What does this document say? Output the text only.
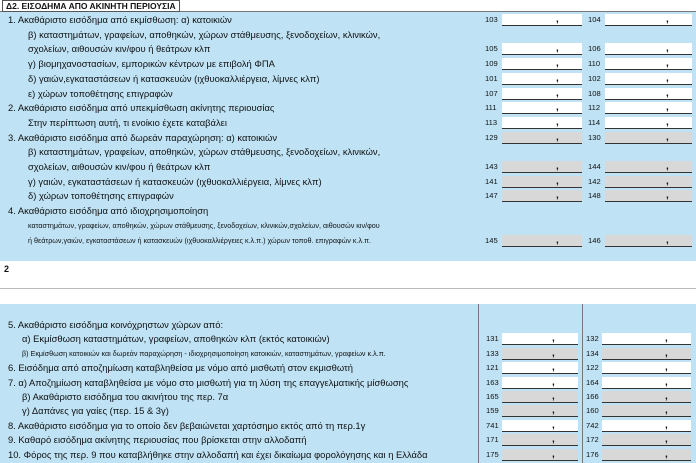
Δ2. ΕΙΣΟΔΗΜΑ ΑΠΟ ΑΚΙΝΗΤΗ ΠΕΡΙΟΥΣΙΑ
1. Ακαθάριστο εισόδημα από εκμίσθωση: α) κατοικιών	103	,	104	,
β) καταστημάτων, γραφείων, αποθηκών, χώρων στάθμευσης, ξενοδοχείων, κλινικών,
σχολείων, αιθουσών κιν/φου ή θεάτρων κλπ	105	,	106	,
γ) βιομηχανοστασίων, εμπορικών κέντρων με επιβολή ΦΠΑ	109	,	110	,
δ) γαιών,εγκαταστάσεων ή κατασκευών (ιχθυοκαλλιέργεια, λίμνες κλπ)	101	,	102	,
ε) χώρων τοποθέτησης επιγραφών	107	,	108	,
2. Ακαθάριστο εισόδημα από υπεκμίσθωση ακίνητης περιουσίας	111	,	112	,
Στην περίπτωση αυτή, τι ενοίκιο έχετε καταβάλει	113	,	114	,
3. Ακαθάριστο εισόδημα από δωρεάν παραχώρηση: α) κατοικιών	129	,	130	,
β) καταστημάτων, γραφείων, αποθηκών, χώρων στάθμευσης, ξενοδοχείων, κλινικών,
σχολείων, αιθουσών κιν/φου ή θεάτρων κλπ	143	,	144	,
γ) γαιών, εγκαταστάσεων ή κατασκευών (ιχθυοκαλλιέργεια, λίμνες κλπ)	141	,	142	,
δ) χώρων τοποθέτησης επιγραφών	147	,	148	,
4. Ακαθάριστο εισόδημα από ιδιοχρησιμοποίηση
καταστημάτων, γραφείων, αποθηκών, χώρων στάθμευσης, ξενοδοχείων, κλινικών,σχολείων, αιθουσών κιν/φου
ή θεάτρων,γαιών, εγκαταστάσεων ή κατασκευών (ιχθυοκαλλιέργειες κ.λ.π.) χώρων τοποθ. επιγραφών κ.λ.π.	145	,	146	,
2
5. Ακαθάριστο εισόδημα κοινόχρηστων χώρων από:
α) Εκμίσθωση καταστημάτων, γραφείων, αποθηκών κλπ (εκτός κατοικιών)	131	,	132	,
β) Εκμίσθωση κατοικιών και δωρεάν παραχώρηση - ιδιοχρησιμοποίηση κατοικιών, καταστημάτων, γραφείων κ.λ.π.	133	,	134	,
6. Εισόδημα από αποζημίωση καταβληθείσα με νόμο από μισθωτή στον εκμισθωτή	121	,	122	,
7. α) Αποζημίωση καταβληθείσα με νόμο στο μισθωτή για τη λύση της επαγγελματικής μίσθωσης	163	,	164	,
β) Ακαθάριστο εισόδημα του ακινήτου της περ. 7α	165	,	166	,
γ) Δαπάνες για γαίες (περ. 15 & 3γ)	159	,	160	,
8. Ακαθάριστο εισόδημα για το οποίο δεν βεβαιώνεται χαρτόσημο εκτός από τη περ.1γ	741	,	742	,
9. Καθαρό εισόδημα ακίνητης περιουσίας που βρίσκεται στην αλλοδαπή	171	,	172	,
10. Φόρος της περ. 9 που καταβλήθηκε στην αλλοδαπή και έχει δικαίωμα φορολόγησης και η Ελλάδα	175	,	176	,
